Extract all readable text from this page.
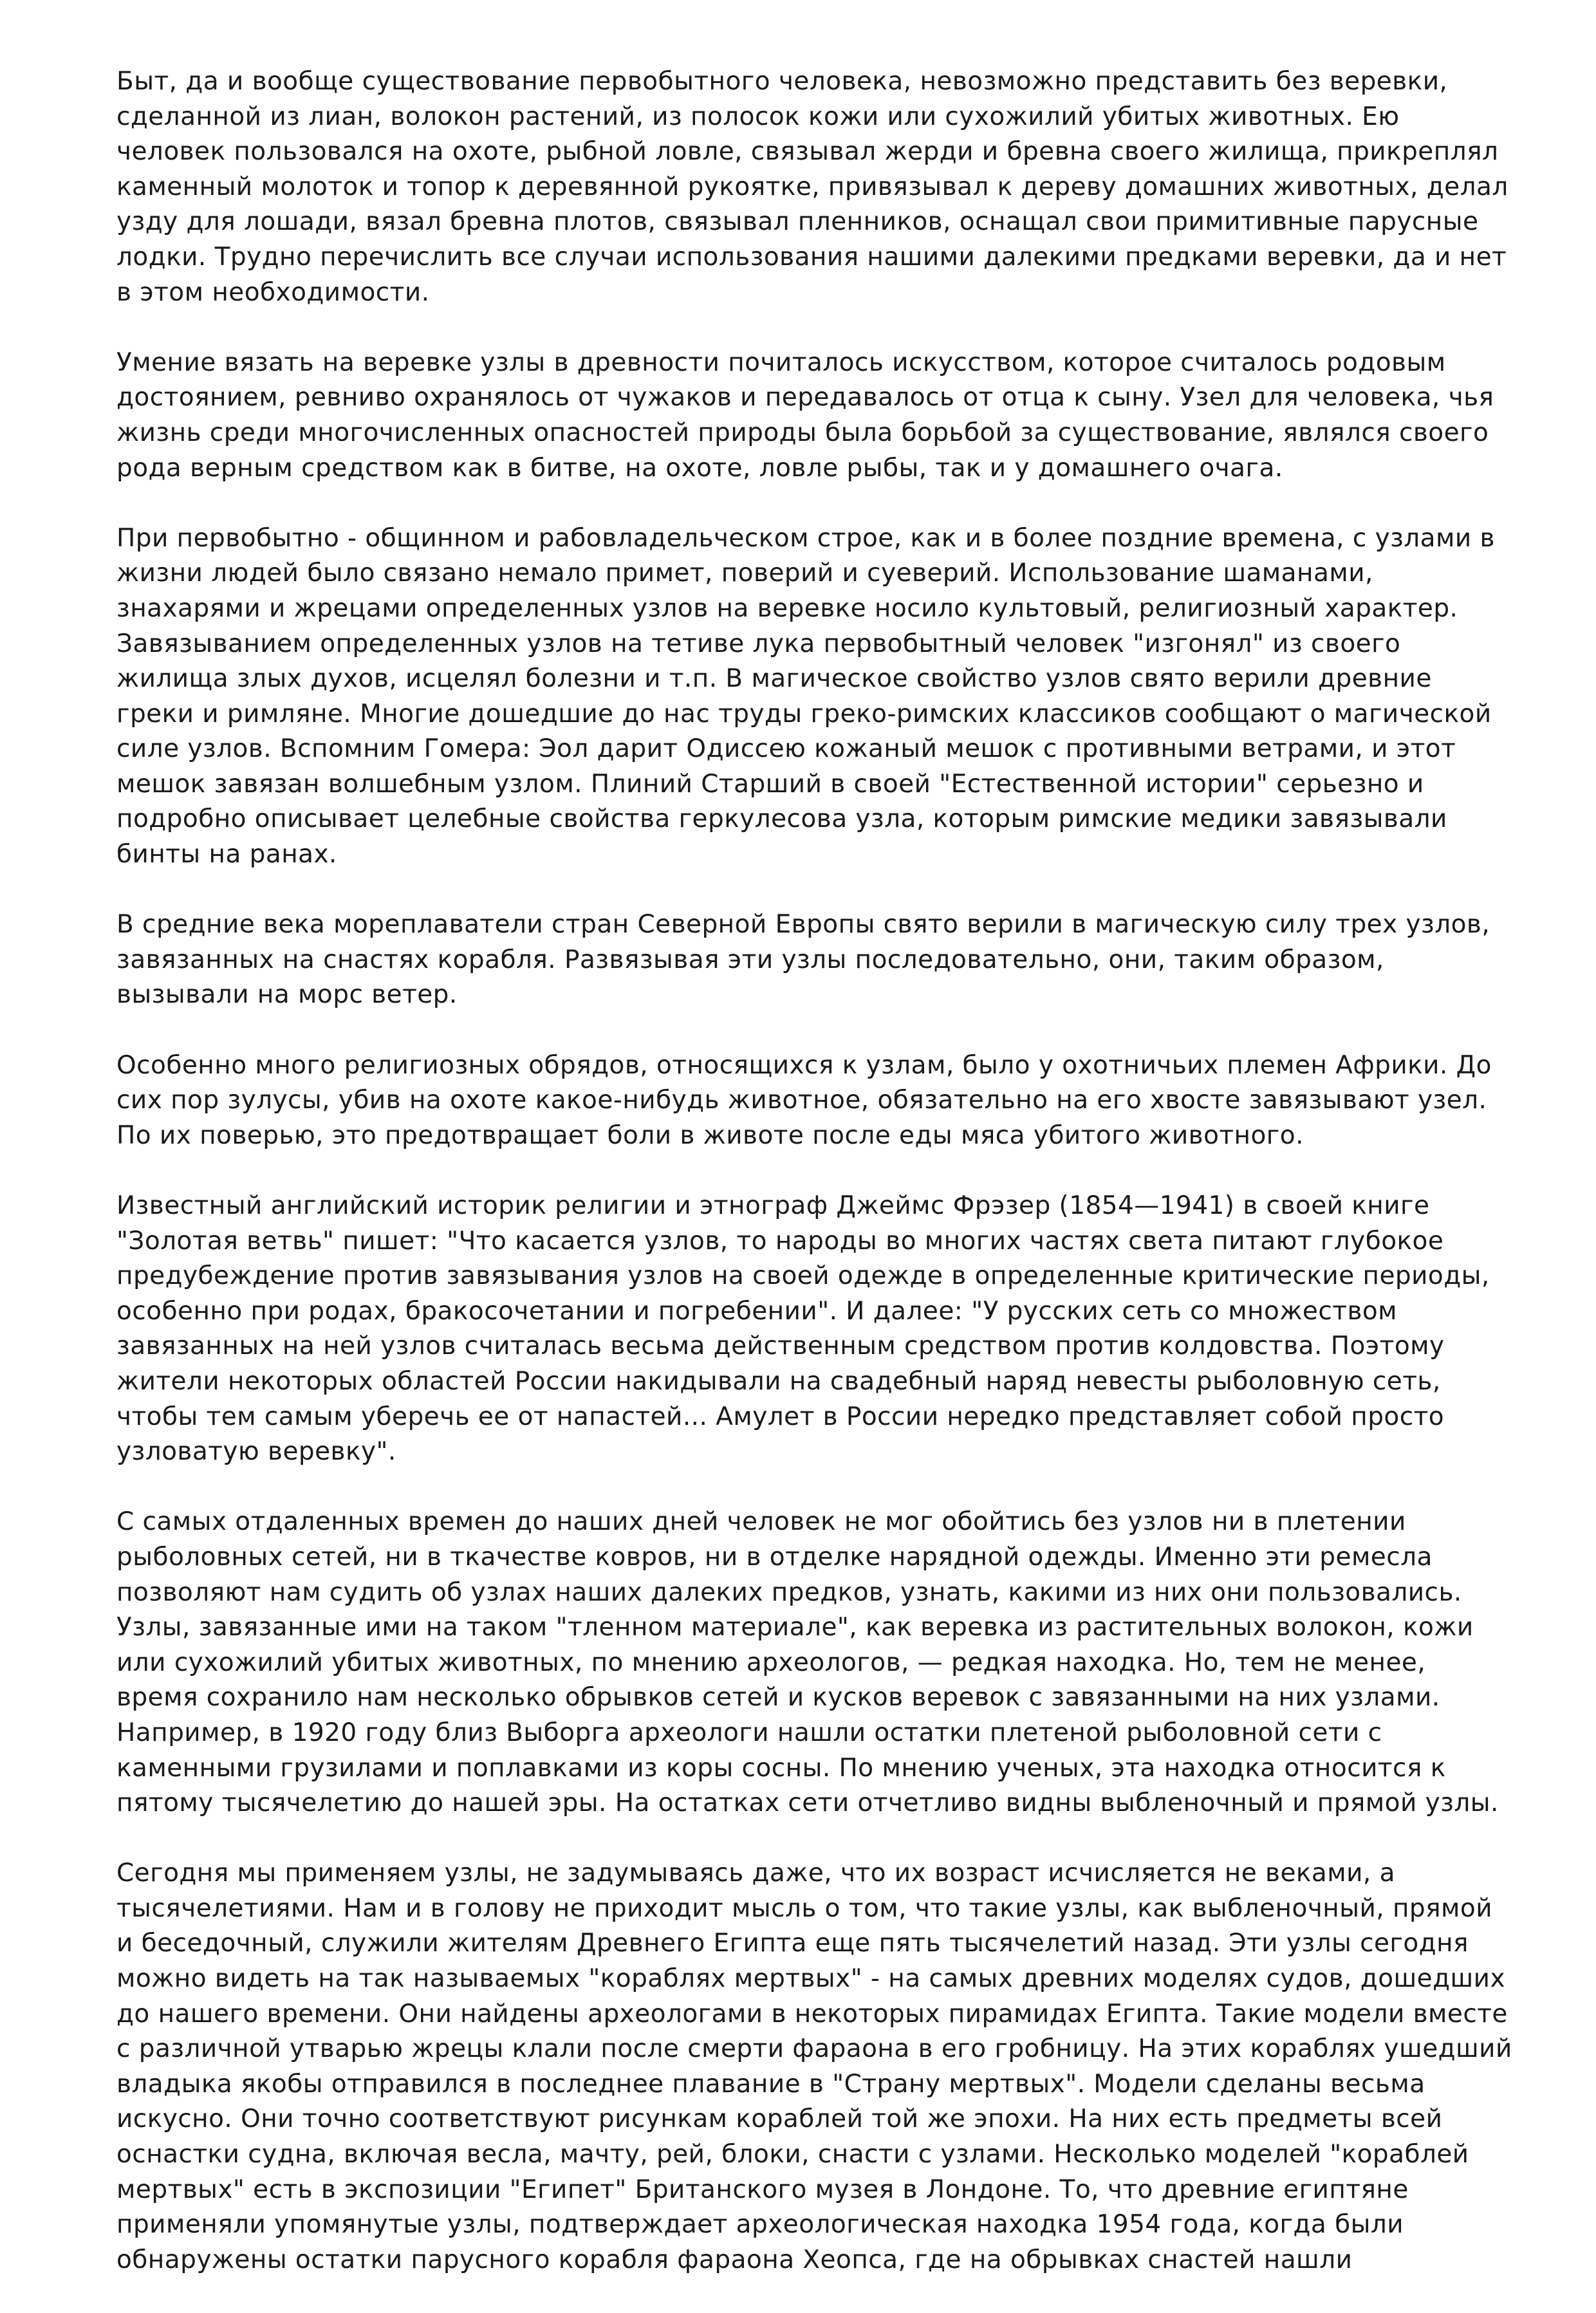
Быт, да и вообще существование первобытного человека, невозможно представить без веревки,
сделанной из лиан, волокон растений, из полосок кожи или сухожилий убитых животных. Ею
человек пользовался на охоте, рыбной ловле, связывал жерди и бревна своего жилища, прикреплял
каменный молоток и топор к деревянной рукоятке, привязывал к дереву домашних животных, делал
узду для лошади, вязал бревна плотов, связывал пленников, оснащал свои примитивные парусные
лодки. Трудно перечислить все случаи использования нашими далекими предками веревки, да и нет
в этом необходимости.
Умение вязать на веревке узлы в древности почиталось искусством, которое считалось родовым
достоянием, ревниво охранялось от чужаков и передавалось от отца к сыну. Узел для человека, чья
жизнь среди многочисленных опасностей природы была борьбой за существование, являлся своего
рода верным средством как в битве, на охоте, ловле рыбы, так и у домашнего очага.
При первобытно - общинном и рабовладельческом строе, как и в более поздние времена, с узлами в
жизни людей было связано немало примет, поверий и суеверий. Использование шаманами,
знахарями и жрецами определенных узлов на веревке носило культовый, религиозный характер.
Завязыванием определенных узлов на тетиве лука первобытный человек "изгонял" из своего
жилища злых духов, исцелял болезни и т.п. В магическое свойство узлов свято верили древние
греки и римляне. Многие дошедшие до нас труды греко-римских классиков сообщают о магической
силе узлов. Вспомним Гомера: Эол дарит Одиссею кожаный мешок с противными ветрами, и этот
мешок завязан волшебным узлом. Плиний Старший в своей "Естественной истории" серьезно и
подробно описывает целебные свойства геркулесова узла, которым римские медики завязывали
бинты на ранах.
В средние века мореплаватели стран Северной Европы свято верили в магическую силу трех узлов,
завязанных на снастях корабля. Развязывая эти узлы последовательно, они, таким образом,
вызывали на морс ветер.
Особенно много религиозных обрядов, относящихся к узлам, было у охотничьих племен Африки. До
сих пор зулусы, убив на охоте какое-нибудь животное, обязательно на его хвосте завязывают узел.
По их поверью, это предотвращает боли в животе после еды мяса убитого животного.
Известный английский историк религии и этнограф Джеймс Фрэзер (1854—1941) в своей книге
"Золотая ветвь" пишет: "Что касается узлов, то народы во многих частях света питают глубокое
предубеждение против завязывания узлов на своей одежде в определенные критические периоды,
особенно при родах, бракосочетании и погребении". И далее: "У русских сеть со множеством
завязанных на ней узлов считалась весьма действенным средством против колдовства. Поэтому
жители некоторых областей России накидывали на свадебный наряд невесты рыболовную сеть,
чтобы тем самым уберечь ее от напастей... Амулет в России нередко представляет собой просто
узловатую веревку".
С самых отдаленных времен до наших дней человек не мог обойтись без узлов ни в плетении
рыболовных сетей, ни в ткачестве ковров, ни в отделке нарядной одежды. Именно эти ремесла
позволяют нам судить об узлах наших далеких предков, узнать, какими из них они пользовались.
Узлы, завязанные ими на таком "тленном материале", как веревка из растительных волокон, кожи
или сухожилий убитых животных, по мнению археологов, — редкая находка. Но, тем не менее,
время сохранило нам несколько обрывков сетей и кусков веревок с завязанными на них узлами.
Например, в 1920 году близ Выборга археологи нашли остатки плетеной рыболовной сети с
каменными грузилами и поплавками из коры сосны. По мнению ученых, эта находка относится к
пятому тысячелетию до нашей эры. На остатках сети отчетливо видны выбленочный и прямой узлы.
Сегодня мы применяем узлы, не задумываясь даже, что их возраст исчисляется не веками, а
тысячелетиями. Нам и в голову не приходит мысль о том, что такие узлы, как выбленочный, прямой
и беседочный, служили жителям Древнего Египта еще пять тысячелетий назад. Эти узлы сегодня
можно видеть на так называемых "кораблях мертвых" - на самых древних моделях судов, дошедших
до нашего времени. Они найдены археологами в некоторых пирамидах Египта. Такие модели вместе
с различной утварью жрецы клали после смерти фараона в его гробницу. На этих кораблях ушедший
владыка якобы отправился в последнее плавание в "Страну мертвых". Модели сделаны весьма
искусно. Они точно соответствуют рисункам кораблей той же эпохи. На них есть предметы всей
оснастки судна, включая весла, мачту, рей, блоки, снасти с узлами. Несколько моделей "кораблей
мертвых" есть в экспозиции "Египет" Британского музея в Лондоне. То, что древние египтяне
применяли упомянутые узлы, подтверждает археологическая находка 1954 года, когда были
обнаружены остатки парусного корабля фараона Хеопса, где на обрывках снастей нашли
